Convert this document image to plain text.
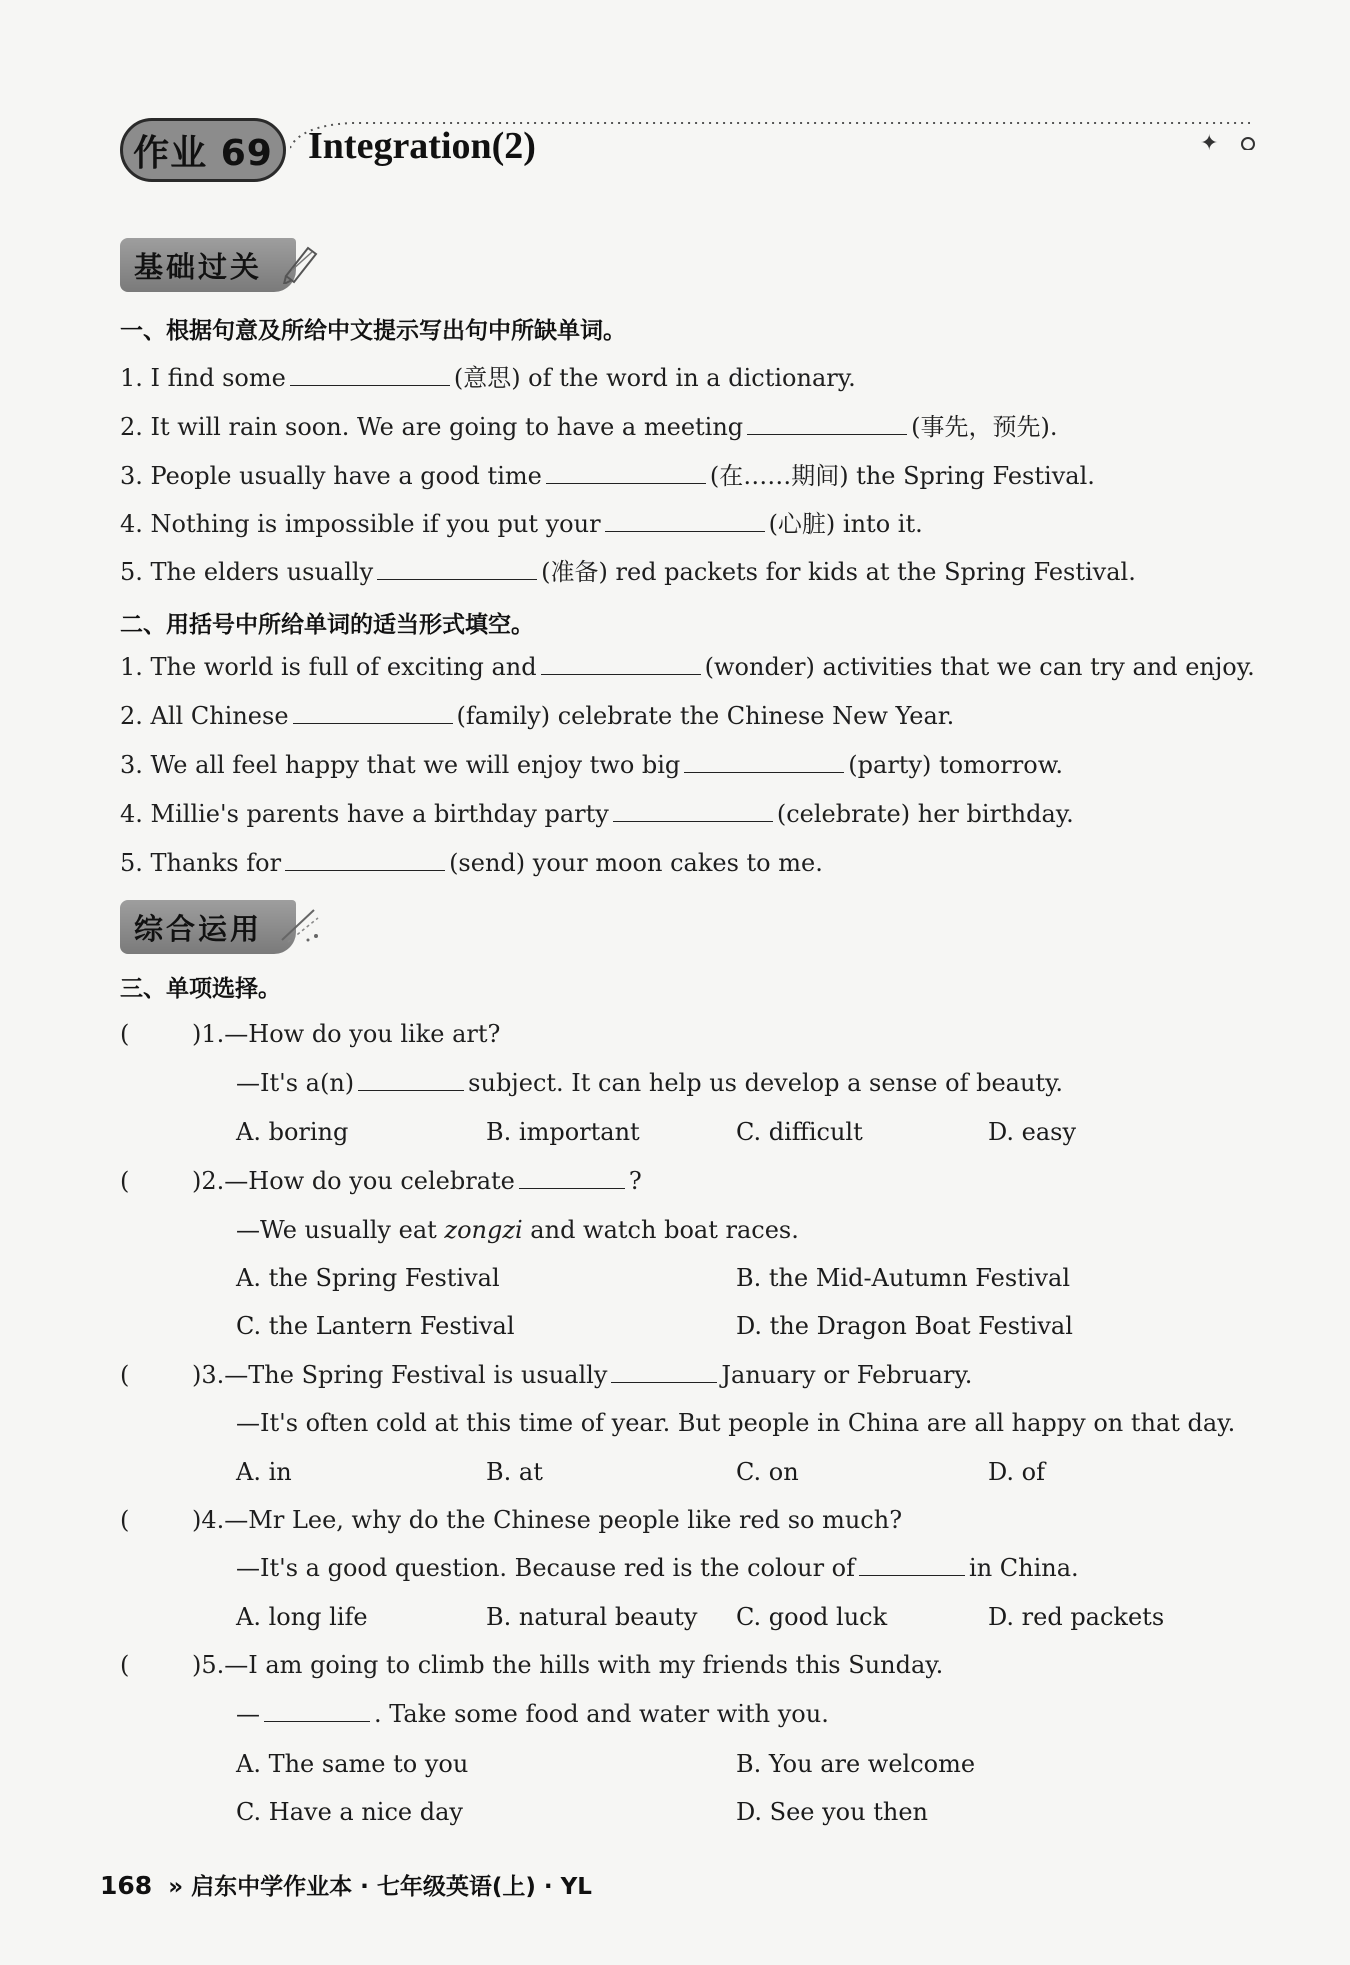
✦
作业 69 Integration(2)
基础过关
一、根据句意及所给中文提示写出句中所缺单词。
1. I find some	(意思) of the word in a dictionary.
2. It will rain soon. We are going to have a meeting	(事先，预先).
3. People usually have a good time	(在……期间) the Spring Festival.
4. Nothing is impossible if you put your	(心脏) into it.
5. The elders usually	(准备) red packets for kids at the Spring Festival.
二、用括号中所给单词的适当形式填空。
1. The world is full of exciting and	(wonder) activities that we can try and enjoy.
2. All Chinese	(family) celebrate the Chinese New Year.
3. We all feel happy that we will enjoy two big	(party) tomorrow.
4. Millie's parents have a birthday party	(celebrate) her birthday.
5. Thanks for	(send) your moon cakes to me.
综合运用
三、单项选择。
(	)1.—How do you like art?
—It's a(n)	subject. It can help us develop a sense of beauty.
A. boring	B. important	C. difficult	D. easy
(	)2.—How do you celebrate	?
—We usually eat zongzi and watch boat races.
A. the Spring Festival	B. the Mid-Autumn Festival
C. the Lantern Festival	D. the Dragon Boat Festival
(	)3.—The Spring Festival is usually	January or February.
—It's often cold at this time of year. But people in China are all happy on that day.
A. in	B. at	C. on	D. of
(	)4.—Mr Lee, why do the Chinese people like red so much?
—It's a good question. Because red is the colour of	in China.
A. long life	B. natural beauty C. good luck	D. red packets
(	)5.—I am going to climb the hills with my friends this Sunday.
—	. Take some food and water with you.
A. The same to you	B. You are welcome
C. Have a nice day	D. See you then
168 » 启东中学作业本 · 七年级英语(上) · YL
